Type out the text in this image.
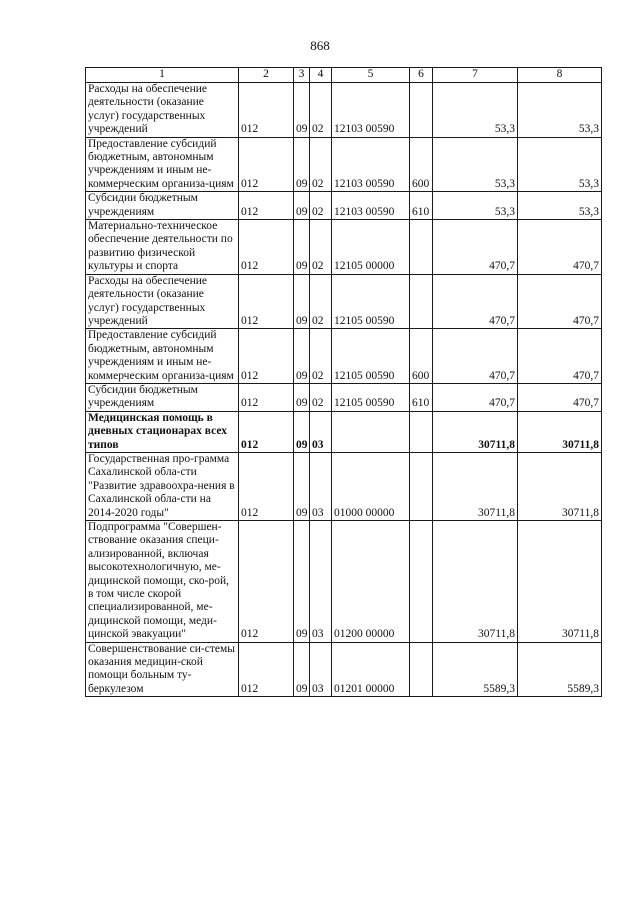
868
1	2	3	4	5	6	7	8
Расходы на обеспечение деятельности (оказание услуг) государственных учреждений	012	09	02	12103 00590		53,3	53,3
Предоставление субсидий бюджетным, автономным учреждениям и иным не-коммерческим организа-циям	012	09	02	12103 00590	600	53,3	53,3
Субсидии бюджетным учреждениям	012	09	02	12103 00590	610	53,3	53,3
Материально-техническое обеспечение деятельности по развитию физической культуры и спорта	012	09	02	12105 00000		470,7	470,7
Расходы на обеспечение деятельности (оказание услуг) государственных учреждений	012	09	02	12105 00590		470,7	470,7
Предоставление субсидий бюджетным, автономным учреждениям и иным не-коммерческим организа-циям	012	09	02	12105 00590	600	470,7	470,7
Субсидии бюджетным учреждениям	012	09	02	12105 00590	610	470,7	470,7
Медицинская помощь в дневных стационарах всех типов	012	09	03			30711,8	30711,8
Государственная про-грамма Сахалинской обла-сти "Развитие здравоохра-нения в Сахалинской обла-сти на 2014-2020 годы"	012	09	03	01000 00000		30711,8	30711,8
Подпрограмма "Совершен-ствование оказания специ-ализированной, включая высокотехнологичную, ме-дицинской помощи, ско-рой, в том числе скорой специализированной, ме-дицинской помощи, меди-цинской эвакуации"	012	09	03	01200 00000		30711,8	30711,8
Совершенствование си-стемы оказания медицин-ской помощи больным ту-беркулезом	012	09	03	01201 00000		5589,3	5589,3
